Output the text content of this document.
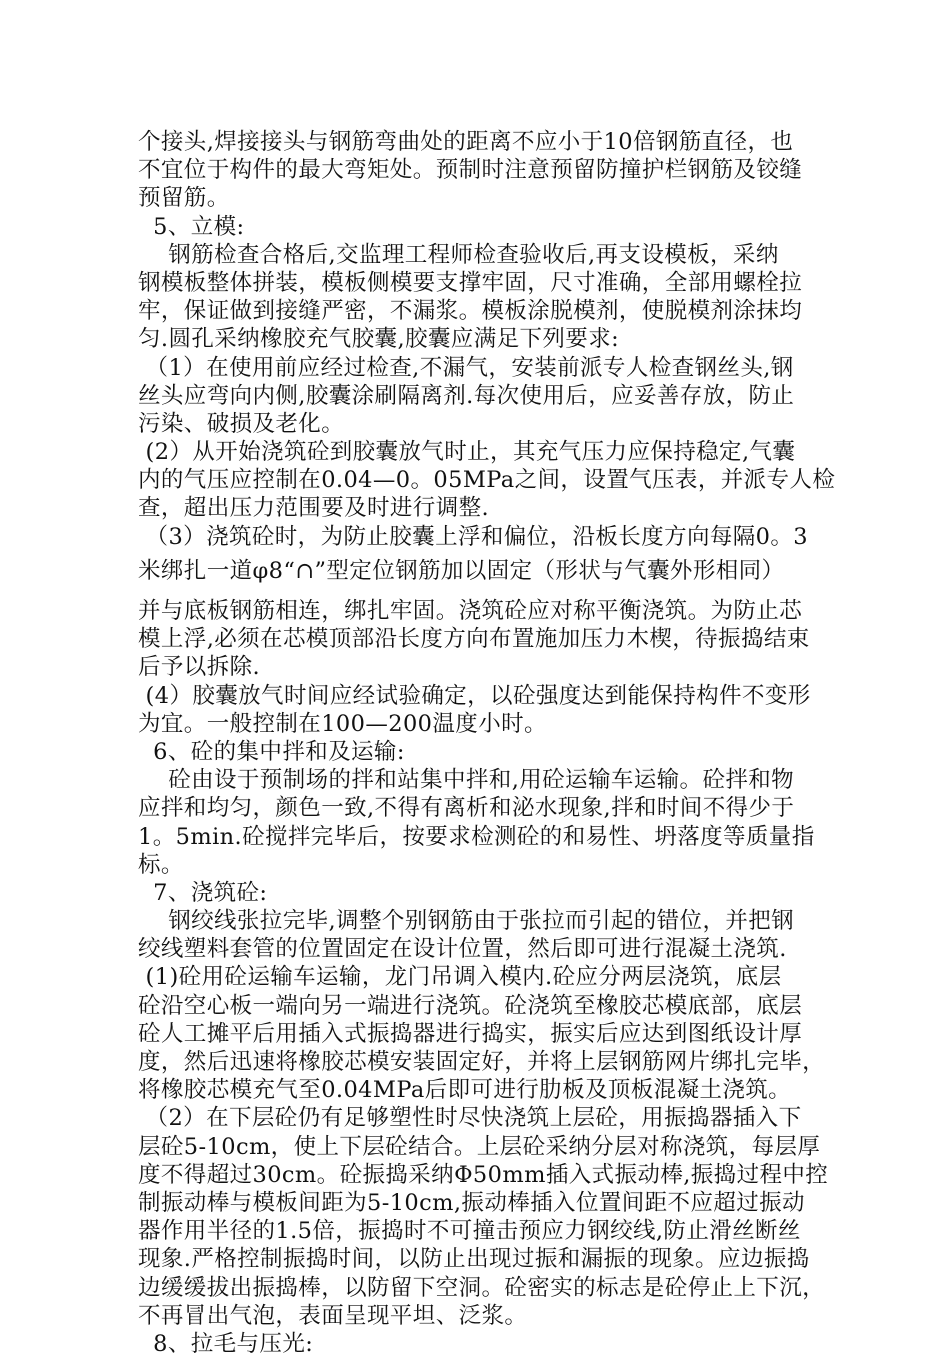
个接头,焊接接头与钢筋弯曲处的距离不应小于10倍钢筋直径，也
不宜位于构件的最大弯矩处。预制时注意预留防撞护栏钢筋及铰缝
预留筋。
5、立模:
钢筋检查合格后,交监理工程师检查验收后,再支设模板，采纳
钢模板整体拼装，模板侧模要支撑牢固，尺寸准确，全部用螺栓拉
牢，保证做到接缝严密，不漏浆。模板涂脱模剂，使脱模剂涂抹均
匀.圆孔采纳橡胶充气胶囊,胶囊应满足下列要求:
（1）在使用前应经过检查,不漏气，安装前派专人检查钢丝头,钢
丝头应弯向内侧,胶囊涂刷隔离剂.每次使用后，应妥善存放，防止
污染、破损及老化。
(2）从开始浇筑砼到胶囊放气时止，其充气压力应保持稳定,气囊
内的气压应控制在0.04—0。05MPa之间，设置气压表，并派专人检
查，超出压力范围要及时进行调整.
（3）浇筑砼时，为防止胶囊上浮和偏位，沿板长度方向每隔0。3
米绑扎一道φ8“∩”型定位钢筋加以固定（形状与气囊外形相同）
并与底板钢筋相连，绑扎牢固。浇筑砼应对称平衡浇筑。为防止芯
模上浮,必须在芯模顶部沿长度方向布置施加压力木楔，待振捣结束
后予以拆除.
(4）胶囊放气时间应经试验确定，以砼强度达到能保持构件不变形
为宜。一般控制在100—200温度小时。
6、砼的集中拌和及运输:
砼由设于预制场的拌和站集中拌和,用砼运输车运输。砼拌和物
应拌和均匀，颜色一致,不得有离析和泌水现象,拌和时间不得少于
1。5min.砼搅拌完毕后，按要求检测砼的和易性、坍落度等质量指
标。
7、浇筑砼:
钢绞线张拉完毕,调整个别钢筋由于张拉而引起的错位，并把钢
绞线塑料套管的位置固定在设计位置，然后即可进行混凝土浇筑.
(1)砼用砼运输车运输，龙门吊调入模内.砼应分两层浇筑，底层
砼沿空心板一端向另一端进行浇筑。砼浇筑至橡胶芯模底部，底层
砼人工摊平后用插入式振捣器进行捣实，振实后应达到图纸设计厚
度，然后迅速将橡胶芯模安装固定好，并将上层钢筋网片绑扎完毕，
将橡胶芯模充气至0.04MPa后即可进行肋板及顶板混凝土浇筑。
（2）在下层砼仍有足够塑性时尽快浇筑上层砼，用振捣器插入下
层砼5-10cm，使上下层砼结合。上层砼采纳分层对称浇筑，每层厚
度不得超过30cm。砼振捣采纳Φ50mm插入式振动棒,振捣过程中控
制振动棒与模板间距为5-10cm,振动棒插入位置间距不应超过振动
器作用半径的1.5倍，振捣时不可撞击预应力钢绞线,防止滑丝断丝
现象.严格控制振捣时间，以防止出现过振和漏振的现象。应边振捣
边缓缓拔出振捣棒，以防留下空洞。砼密实的标志是砼停止上下沉，
不再冒出气泡，表面呈现平坦、泛浆。
8、拉毛与压光:
